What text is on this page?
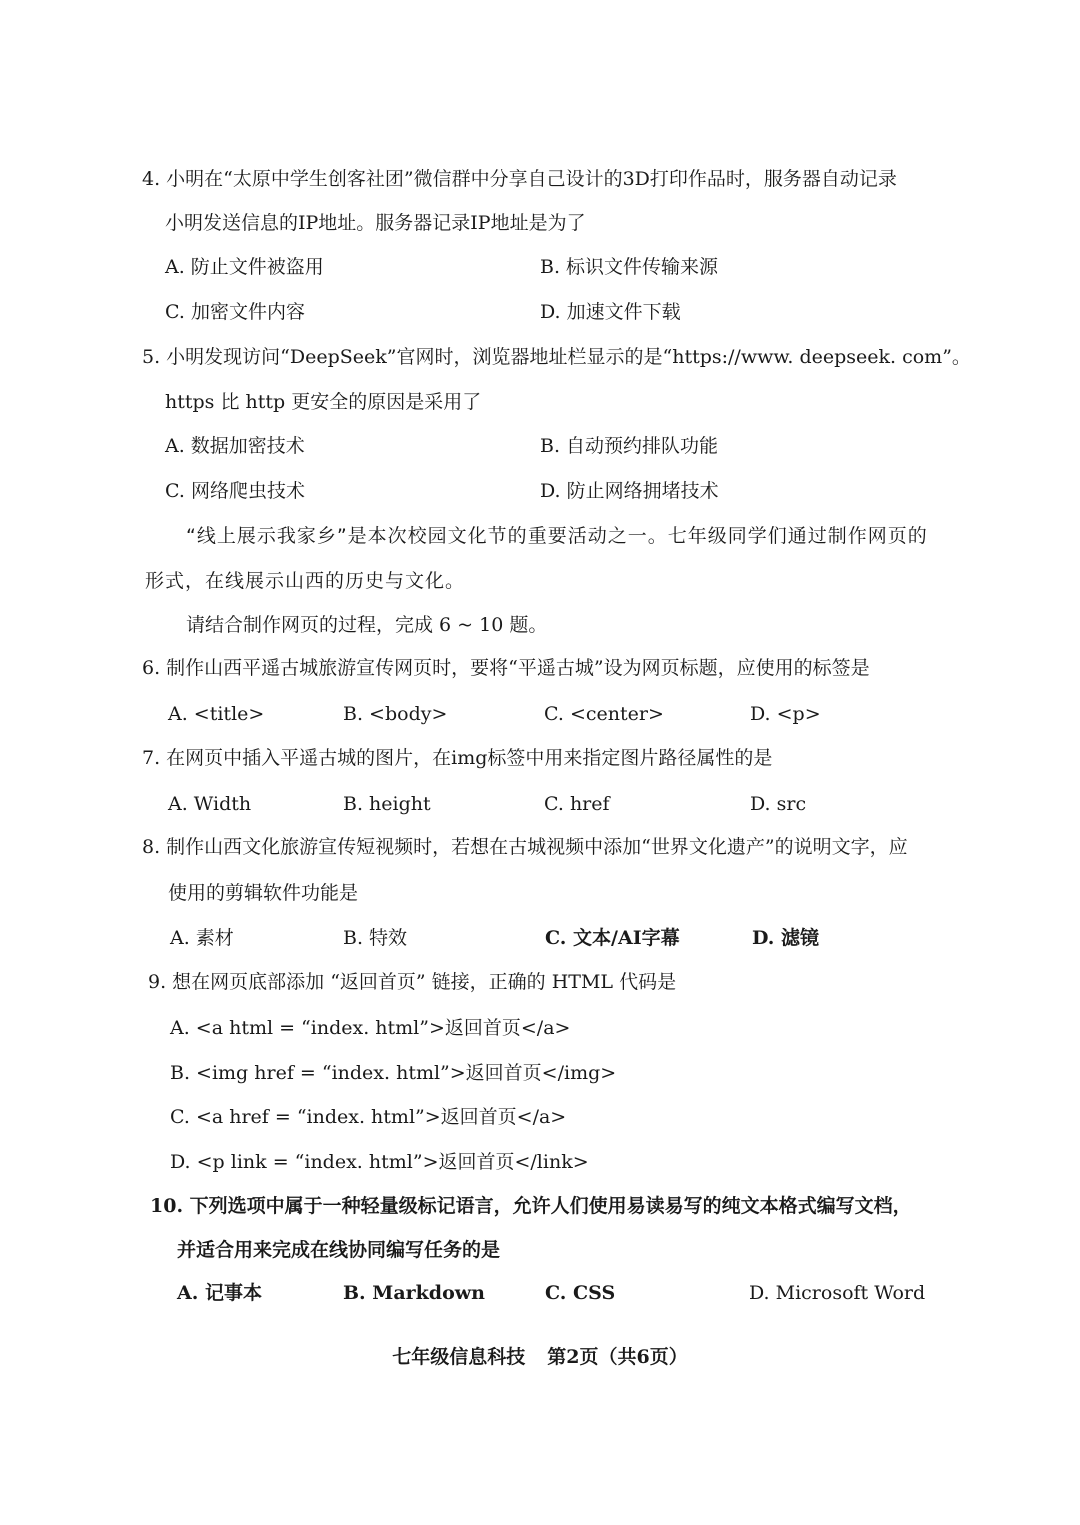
4. 小明在“太原中学生创客社团”微信群中分享自己设计的3D打印作品时，服务器自动记录
小明发送信息的IP地址。服务器记录IP地址是为了
A. 防止文件被盗用	B. 标识文件传输来源
C. 加密文件内容	D. 加速文件下载
5. 小明发现访问“DeepSeek”官网时，浏览器地址栏显示的是“https://www. deepseek. com”。
https 比 http 更安全的原因是采用了
A. 数据加密技术	B. 自动预约排队功能
C. 网络爬虫技术	D. 防止网络拥堵技术
“线上展示我家乡”是本次校园文化节的重要活动之一。七年级同学们通过制作网页的
形式，在线展示山西的历史与文化。
请结合制作网页的过程，完成 6 ~ 10 题。
6. 制作山西平遥古城旅游宣传网页时，要将“平遥古城”设为网页标题，应使用的标签是
A. <title>	B. <body>	C. <center>	D. <p>
7. 在网页中插入平遥古城的图片，在img标签中用来指定图片路径属性的是
A. Width	B. height	C. href	D. src
8. 制作山西文化旅游宣传短视频时，若想在古城视频中添加“世界文化遗产”的说明文字，应
使用的剪辑软件功能是
A. 素材	B. 特效	C. 文本/AI字幕	D. 滤镜
9. 想在网页底部添加 “返回首页” 链接，正确的 HTML 代码是
A. <a html = “index. html”>返回首页</a>
B. <img href = “index. html”>返回首页</img>
C. <a href = “index. html”>返回首页</a>
D. <p link = “index. html”>返回首页</link>
10. 下列选项中属于一种轻量级标记语言，允许人们使用易读易写的纯文本格式编写文档，
并适合用来完成在线协同编写任务的是
A. 记事本	B. Markdown	C. CSS	D. Microsoft Word
七年级信息科技 第2页（共6页）
